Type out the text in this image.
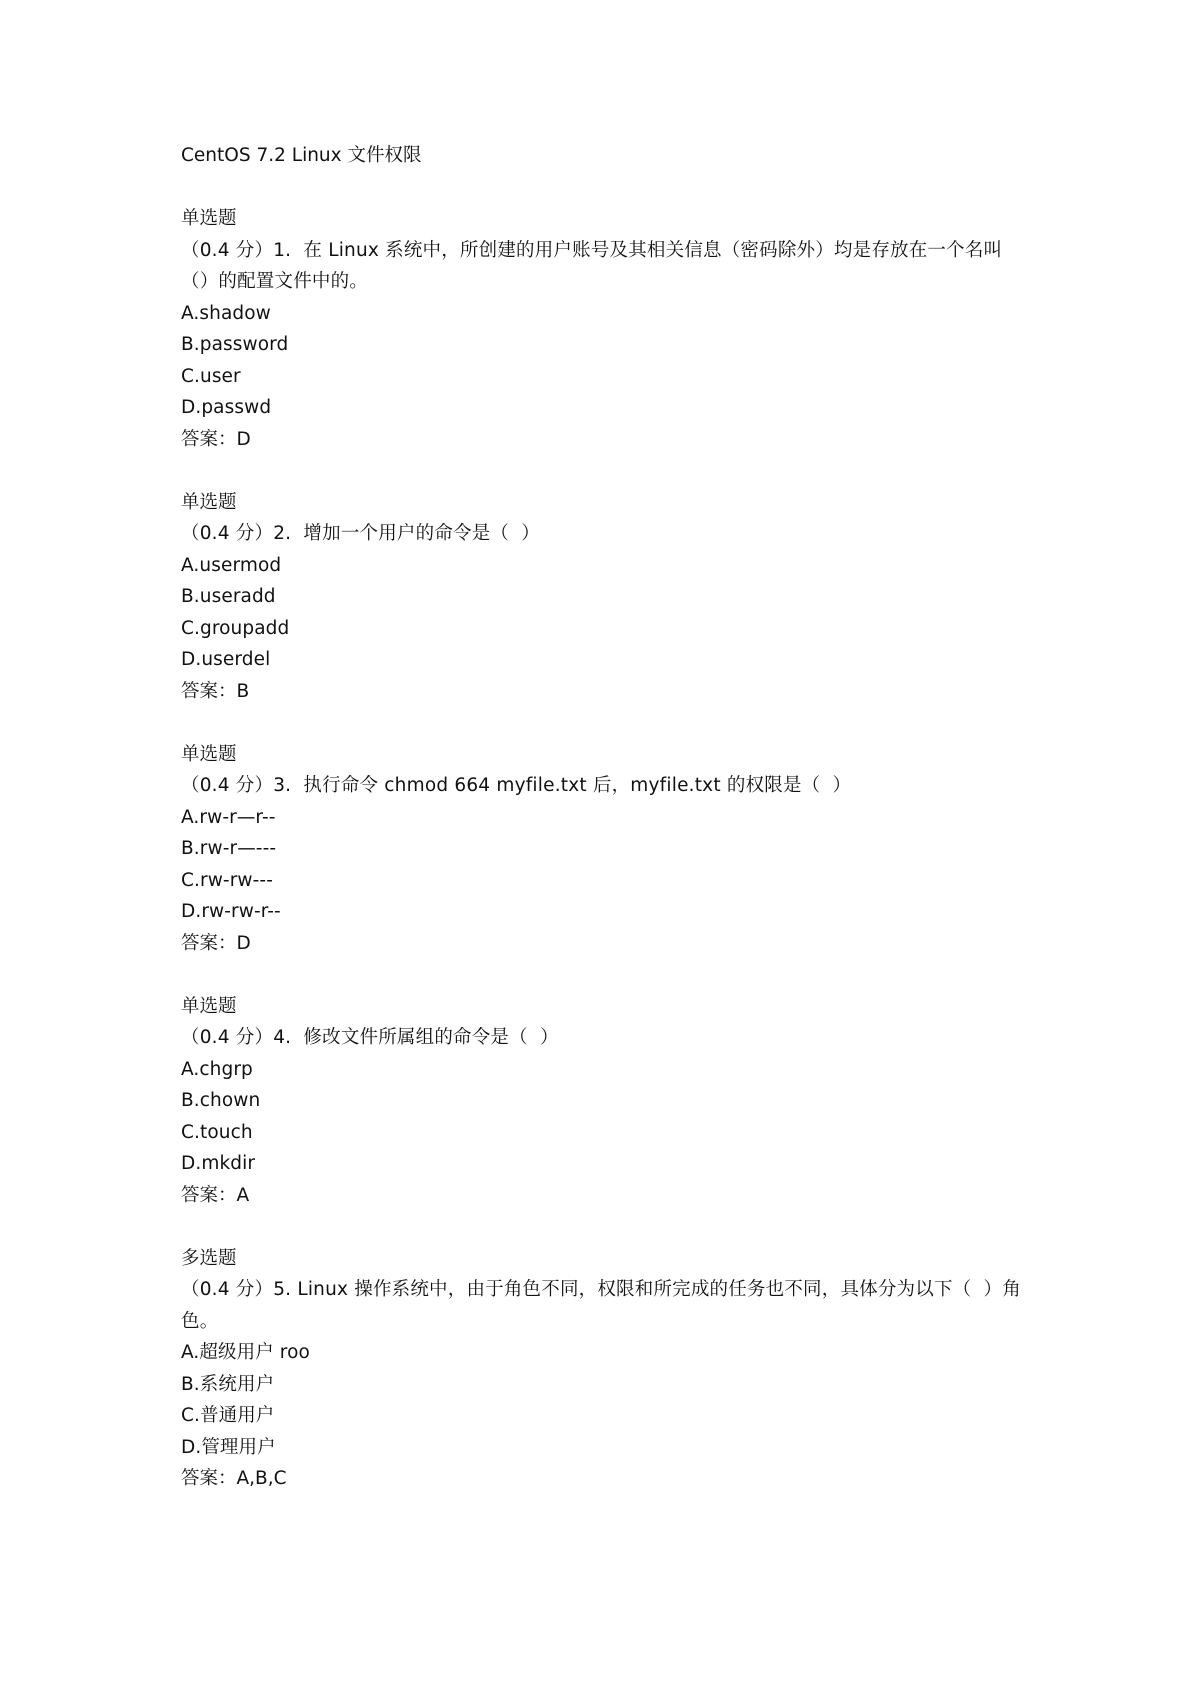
CentOS 7.2 Linux 文件权限
单选题
（0.4 分）1.  在 Linux 系统中，所创建的用户账号及其相关信息（密码除外）均是存放在一个名叫（）的配置文件中的。
A.shadow
B.password
C.user
D.passwd
答案：D
单选题
（0.4 分）2.  增加一个用户的命令是（  ）
A.usermod
B.useradd
C.groupadd
D.userdel
答案：B
单选题
（0.4 分）3.  执行命令 chmod 664 myfile.txt 后，myfile.txt 的权限是（  ）
A.rw-r—r--
B.rw-r—---
C.rw-rw---
D.rw-rw-r--
答案：D
单选题
（0.4 分）4.  修改文件所属组的命令是（  ）
A.chgrp
B.chown
C.touch
D.mkdir
答案：A
多选题
（0.4 分）5. Linux 操作系统中，由于角色不同，权限和所完成的任务也不同，具体分为以下（  ）角色。
A.超级用户 roo
B.系统用户
C.普通用户
D.管理用户
答案：A,B,C
